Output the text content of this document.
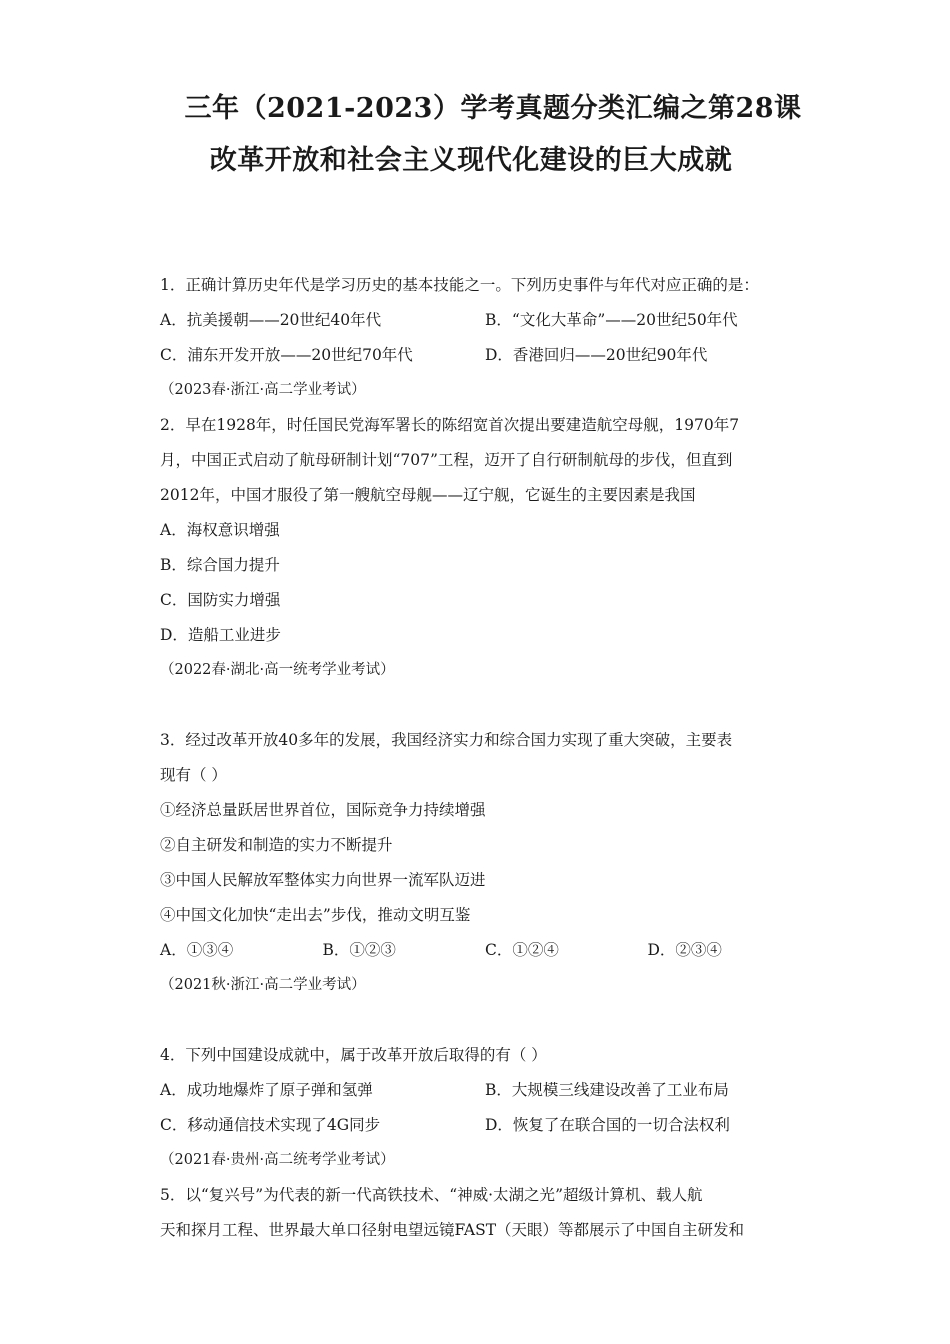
三年（2021-2023）学考真题分类汇编之第28课
改革开放和社会主义现代化建设的巨大成就
1．正确计算历史年代是学习历史的基本技能之一。下列历史事件与年代对应正确的是：
A．抗美援朝——20世纪40年代	B．“文化大革命”——20世纪50年代
C．浦东开发开放——20世纪70年代	D．香港回归——20世纪90年代
（2023春·浙江·高二学业考试）
2．早在1928年，时任国民党海军署长的陈绍宽首次提出要建造航空母舰，1970年7
月，中国正式启动了航母研制计划“707”工程，迈开了自行研制航母的步伐，但直到
2012年，中国才服役了第一艘航空母舰——辽宁舰，它诞生的主要因素是我国
A．海权意识增强
B．综合国力提升
C．国防实力增强
D．造船工业进步
（2022春·湖北·高一统考学业考试）
3．经过改革开放40多年的发展，我国经济实力和综合国力实现了重大突破，主要表
现有（ ）
①经济总量跃居世界首位，国际竞争力持续增强
②自主研发和制造的实力不断提升
③中国人民解放军整体实力向世界一流军队迈进
④中国文化加快“走出去”步伐，推动文明互鉴
A．①③④	B．①②③	C．①②④	D．②③④
（2021秋·浙江·高二学业考试）
4．下列中国建设成就中，属于改革开放后取得的有（ ）
A．成功地爆炸了原子弹和氢弹	B．大规模三线建设改善了工业布局
C．移动通信技术实现了4G同步	D．恢复了在联合国的一切合法权利
（2021春·贵州·高二统考学业考试）
5．以“复兴号”为代表的新一代高铁技术、“神威·太湖之光”超级计算机、载人航
天和探月工程、世界最大单口径射电望远镜FAST（天眼）等都展示了中国自主研发和
